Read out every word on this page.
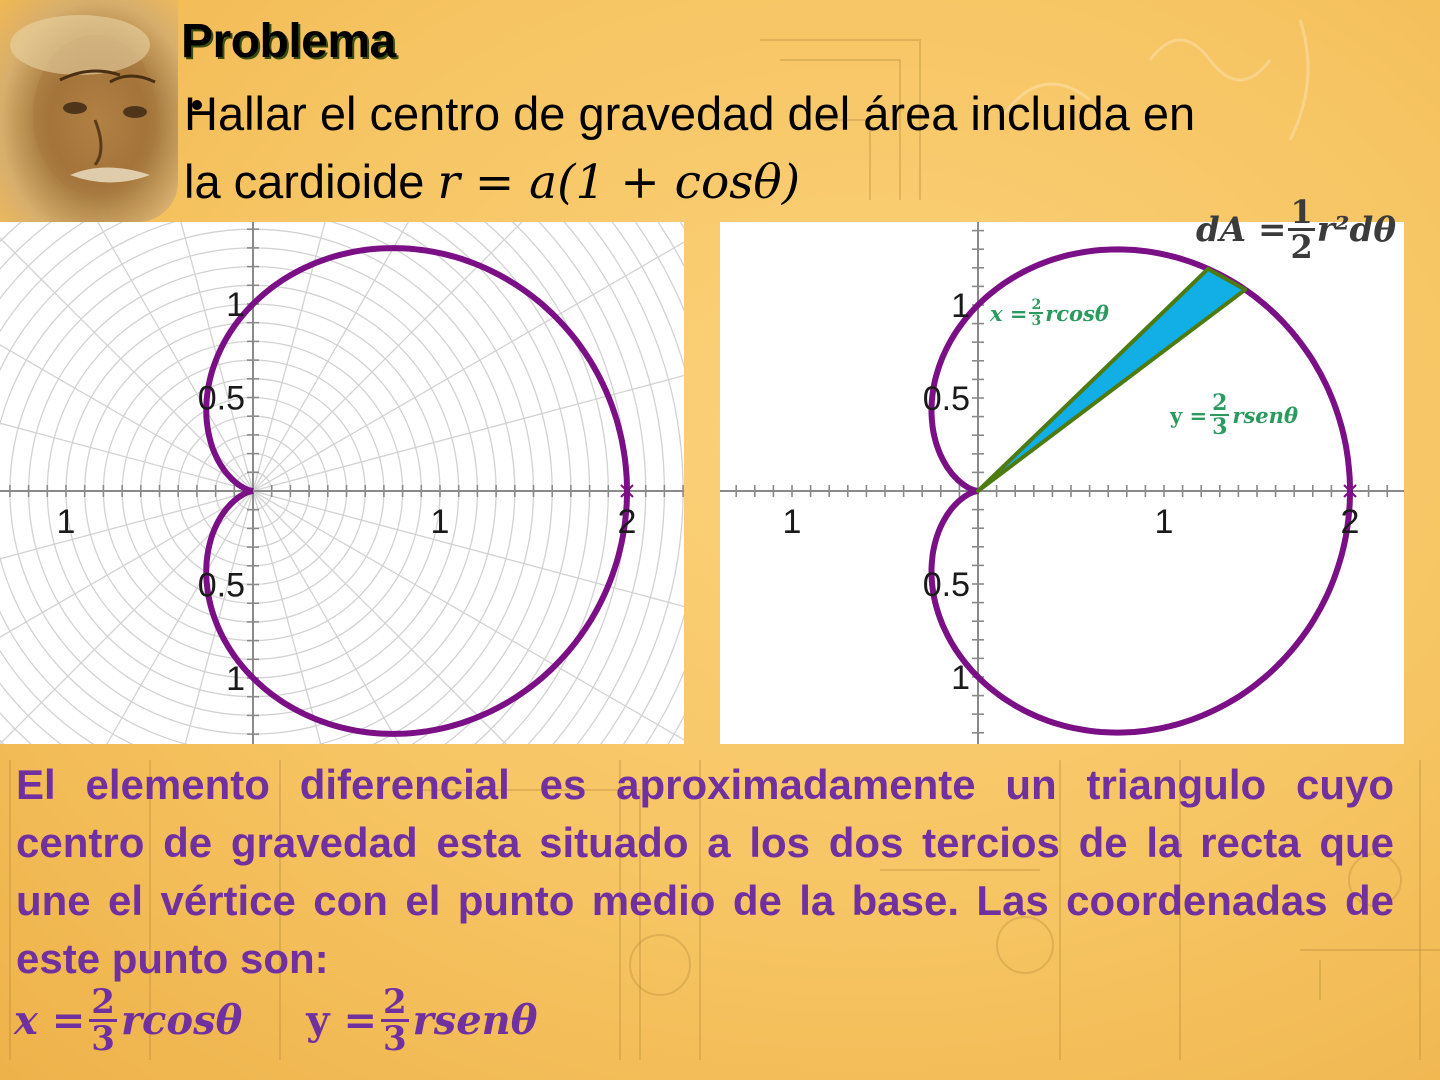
Problema

Hallar el centro de gravedad del área incluida en
la cardioide r = a(1 + cosθ)

1	1	2
1
0.5
0.5
1
1	1	2
1
0.5
0.5
1
dA = $\frac{1}{2} r^2d\theta$
$x = \frac{2}{3}$ rcosθ
$y = \frac{2}{3}$ rsenθ

El elemento diferencial es aproximadamente un triangulo cuyo centro de gravedad esta situado a los dos tercios de la recta que une el vértice con el punto medio de la base. Las coordenadas de este punto son:

$x = \frac{2}{3}$ rcosθ $y = \frac{2}{3}$ rsenθ
